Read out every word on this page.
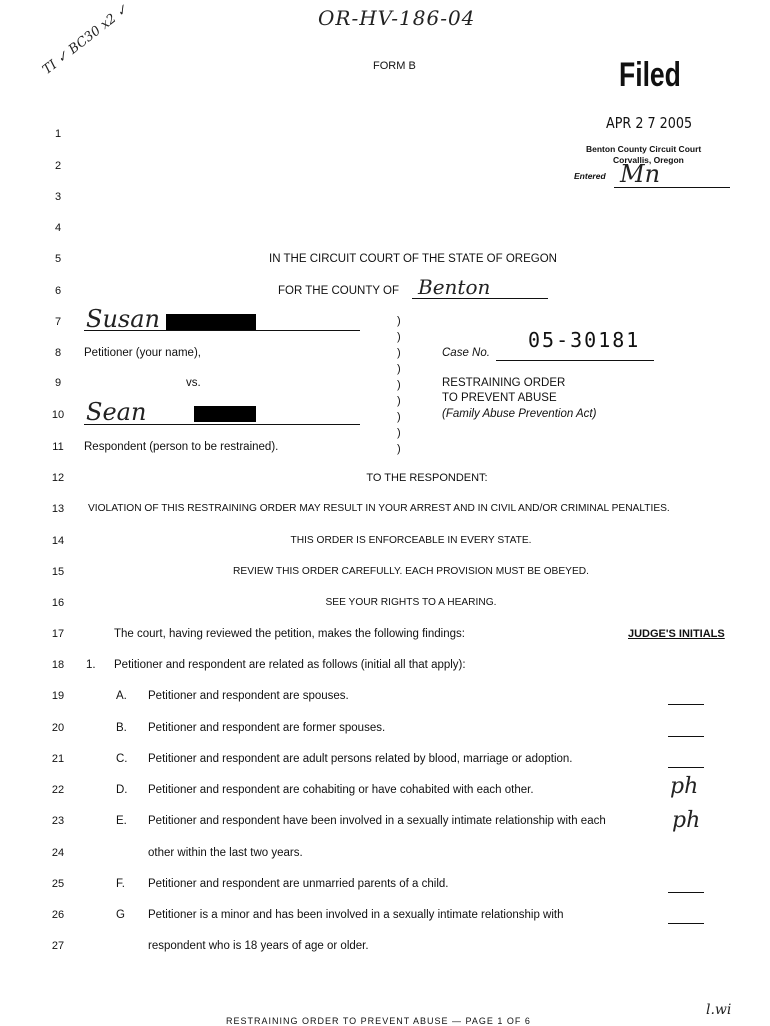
TI ✓ BC30 x2 ✓	OR-HV-186-04
FORM B	Filed
APR 2 7 2005
Benton County Circuit Court
Corvallis, Oregon
Entered Mn
1
2
3
4
5
6
7
8
9
10
11
12
13
14
15
16
17
18
19
20
21
22
23
24
25
26
27
IN THE CIRCUIT COURT OF THE STATE OF OREGON
FOR THE COUNTY OF Benton
Susan
Petitioner (your name),
vs.
Sean
Respondent (person to be restrained).
)
)
)
)
)
)
)
)
)
Case No.
05-30181
RESTRAINING ORDER
TO PREVENT ABUSE
(Family Abuse Prevention Act)
TO THE RESPONDENT:
VIOLATION OF THIS RESTRAINING ORDER MAY RESULT IN YOUR ARREST AND IN CIVIL AND/OR CRIMINAL PENALTIES.
THIS ORDER IS ENFORCEABLE IN EVERY STATE.
REVIEW THIS ORDER CAREFULLY. EACH PROVISION MUST BE OBEYED.
SEE YOUR RIGHTS TO A HEARING.
The court, having reviewed the petition, makes the following findings:	JUDGE'S INITIALS
1. Petitioner and respondent are related as follows (initial all that apply):
A. Petitioner and respondent are spouses.
B. Petitioner and respondent are former spouses.
C. Petitioner and respondent are adult persons related by blood, marriage or adoption.
D. Petitioner and respondent are cohabiting or have cohabited with each other.	ph
E. Petitioner and respondent have been involved in a sexually intimate relationship with each	ph
other within the last two years.
F. Petitioner and respondent are unmarried parents of a child.
G Petitioner is a minor and has been involved in a sexually intimate relationship with
respondent who is 18 years of age or older.
RESTRAINING ORDER TO PREVENT ABUSE — PAGE 1 OF 6
l.wi
